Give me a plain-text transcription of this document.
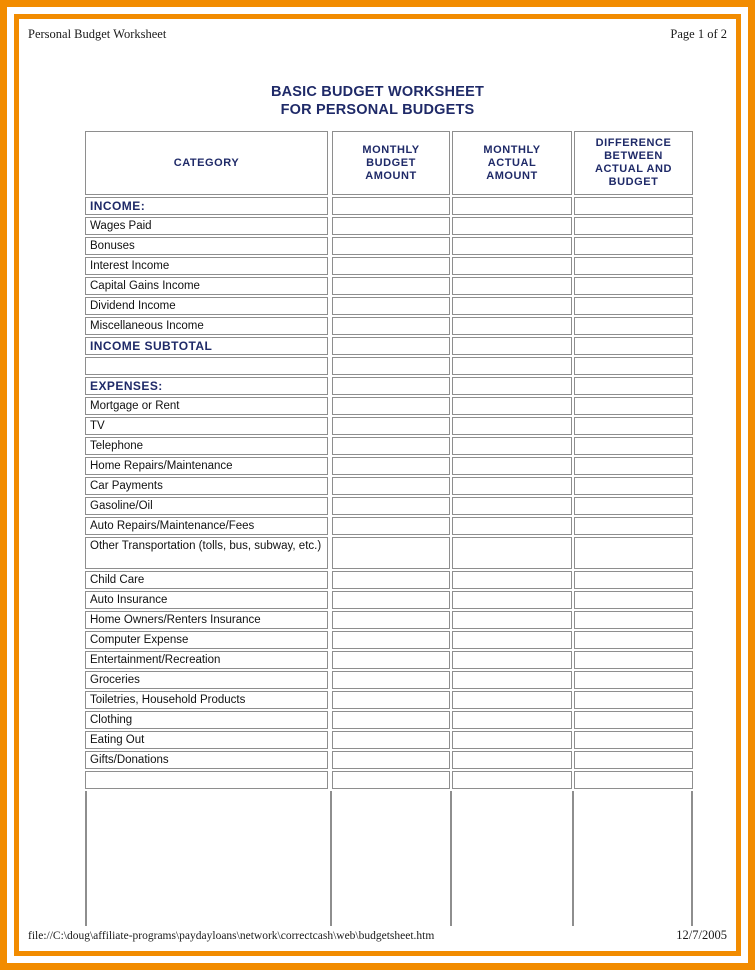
Personal Budget Worksheet	Page 1 of 2
BASIC BUDGET WORKSHEET
FOR PERSONAL BUDGETS
CATEGORY
MONTHLY
BUDGET
AMOUNT
MONTHLY
ACTUAL
AMOUNT
DIFFERENCE
BETWEEN
ACTUAL AND
BUDGET
INCOME:
Wages Paid
Bonuses
Interest Income
Capital Gains Income
Dividend Income
Miscellaneous Income
INCOME SUBTOTAL
EXPENSES:
Mortgage or Rent
TV
Telephone
Home Repairs/Maintenance
Car Payments
Gasoline/Oil
Auto Repairs/Maintenance/Fees
Other Transportation (tolls, bus, subway, etc.)
Child Care
Auto Insurance
Home Owners/Renters Insurance
Computer Expense
Entertainment/Recreation
Groceries
Toiletries, Household Products
Clothing
Eating Out
Gifts/Donations
file://C:\doug\affiliate-programs\paydayloans\network\correctcash\web\budgetsheet.htm	12/7/2005
